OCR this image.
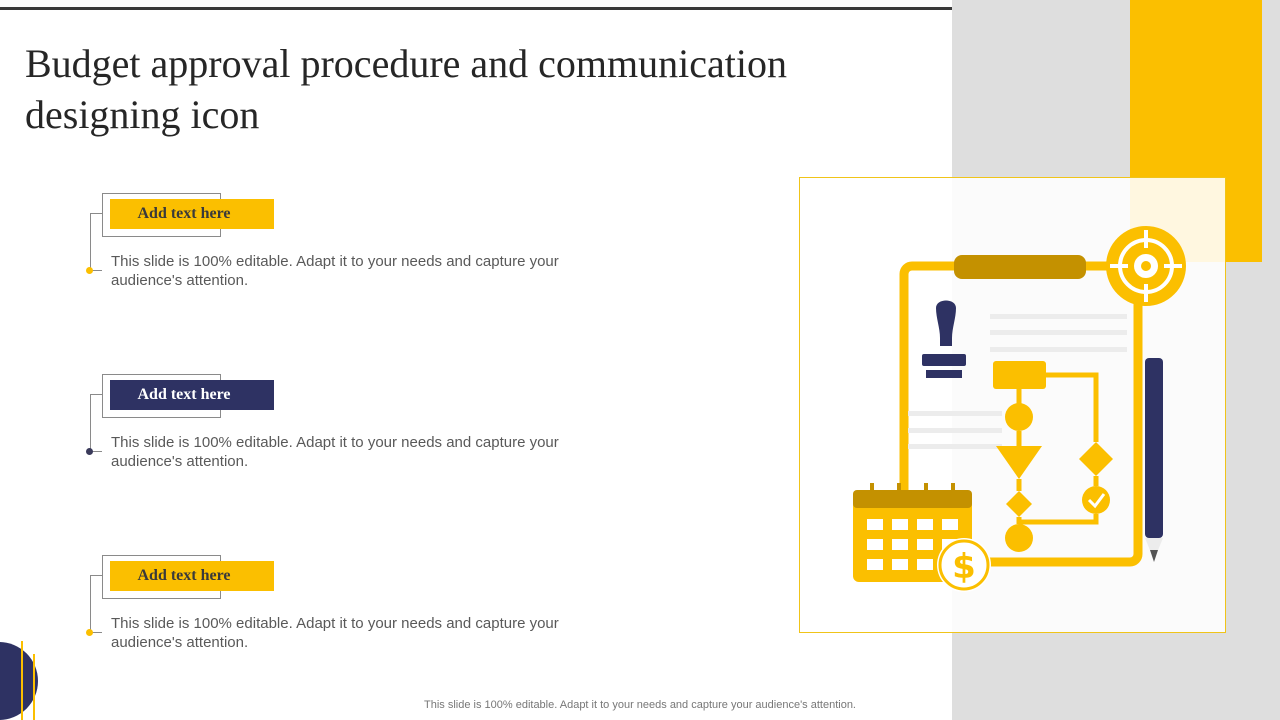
Budget approval procedure and communication designing icon
Add text here

This slide is 100% editable. Adapt it to your needs and capture your audience's attention.

Add text here

This slide is 100% editable. Adapt it to your needs and capture your audience's attention.

Add text here

This slide is 100% editable. Adapt it to your needs and capture your audience's attention.

$
This slide is 100% editable. Adapt it to your needs and capture your audience's attention.
